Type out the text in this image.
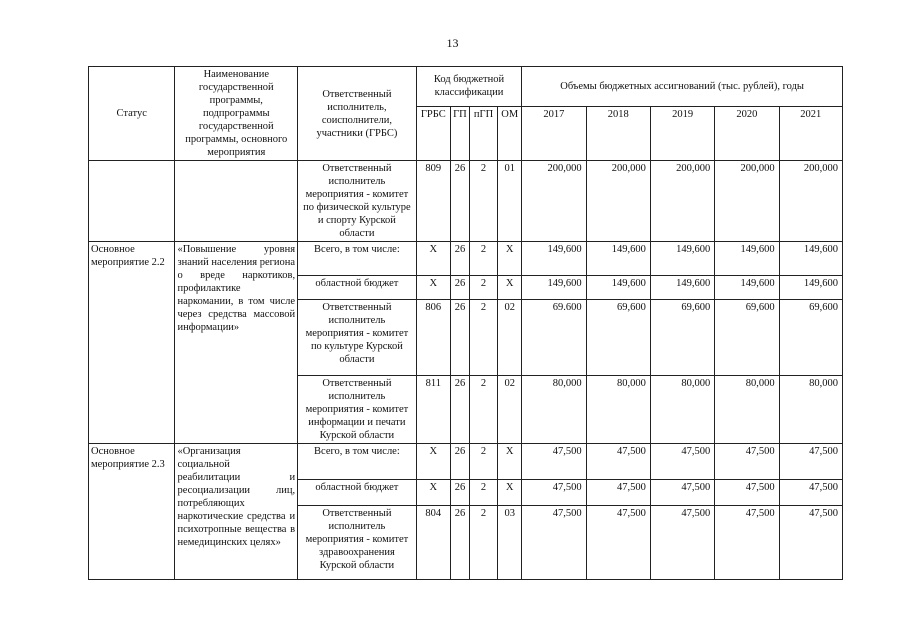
13
Статус	Наименование государственной программы, подпрограммы государственной программы, основного мероприятия	Ответственный исполнитель, соисполнители, участники (ГРБС)	Код бюджетной классификации				Объемы бюджетных ассигнований (тыс. рублей), годы				
			ГРБС	ГП	пГП	ОМ	2017	2018	2019	2020	2021
		Ответственный исполнитель мероприятия - комитет по физической культуре и спорту Курской области	809	26	2	01	200,000	200,000	200,000	200,000	200,000
Основное мероприятие 2.2	«Повышение уровня знаний населения региона о вреде наркотиков, профилактике наркомании, в том числе через средства массовой информации»	Всего, в том числе:	Х	26	2	Х	149,600	149,600	149,600	149,600	149,600
		областной бюджет	Х	26	2	Х	149,600	149,600	149,600	149,600	149,600
		Ответственный исполнитель мероприятия - комитет по культуре Курской области	806	26	2	02	69.600	69,600	69,600	69,600	69,600
		Ответственный исполнитель мероприятия - комитет информации и печати Курской области	811	26	2	02	80,000	80,000	80,000	80,000	80,000
Основное мероприятие 2.3	«Организация социальной реабилитации и ресоциализации лиц, потребляющих наркотические средства и психотропные вещества в немедицинских целях»	Всего, в том числе:	Х	26	2	Х	47,500	47,500	47,500	47,500	47,500
		областной бюджет	Х	26	2	Х	47,500	47,500	47,500	47,500	47,500
		Ответственный исполнитель мероприятия - комитет здравоохранения Курской области	804	26	2	03	47,500	47,500	47,500	47,500	47,500
